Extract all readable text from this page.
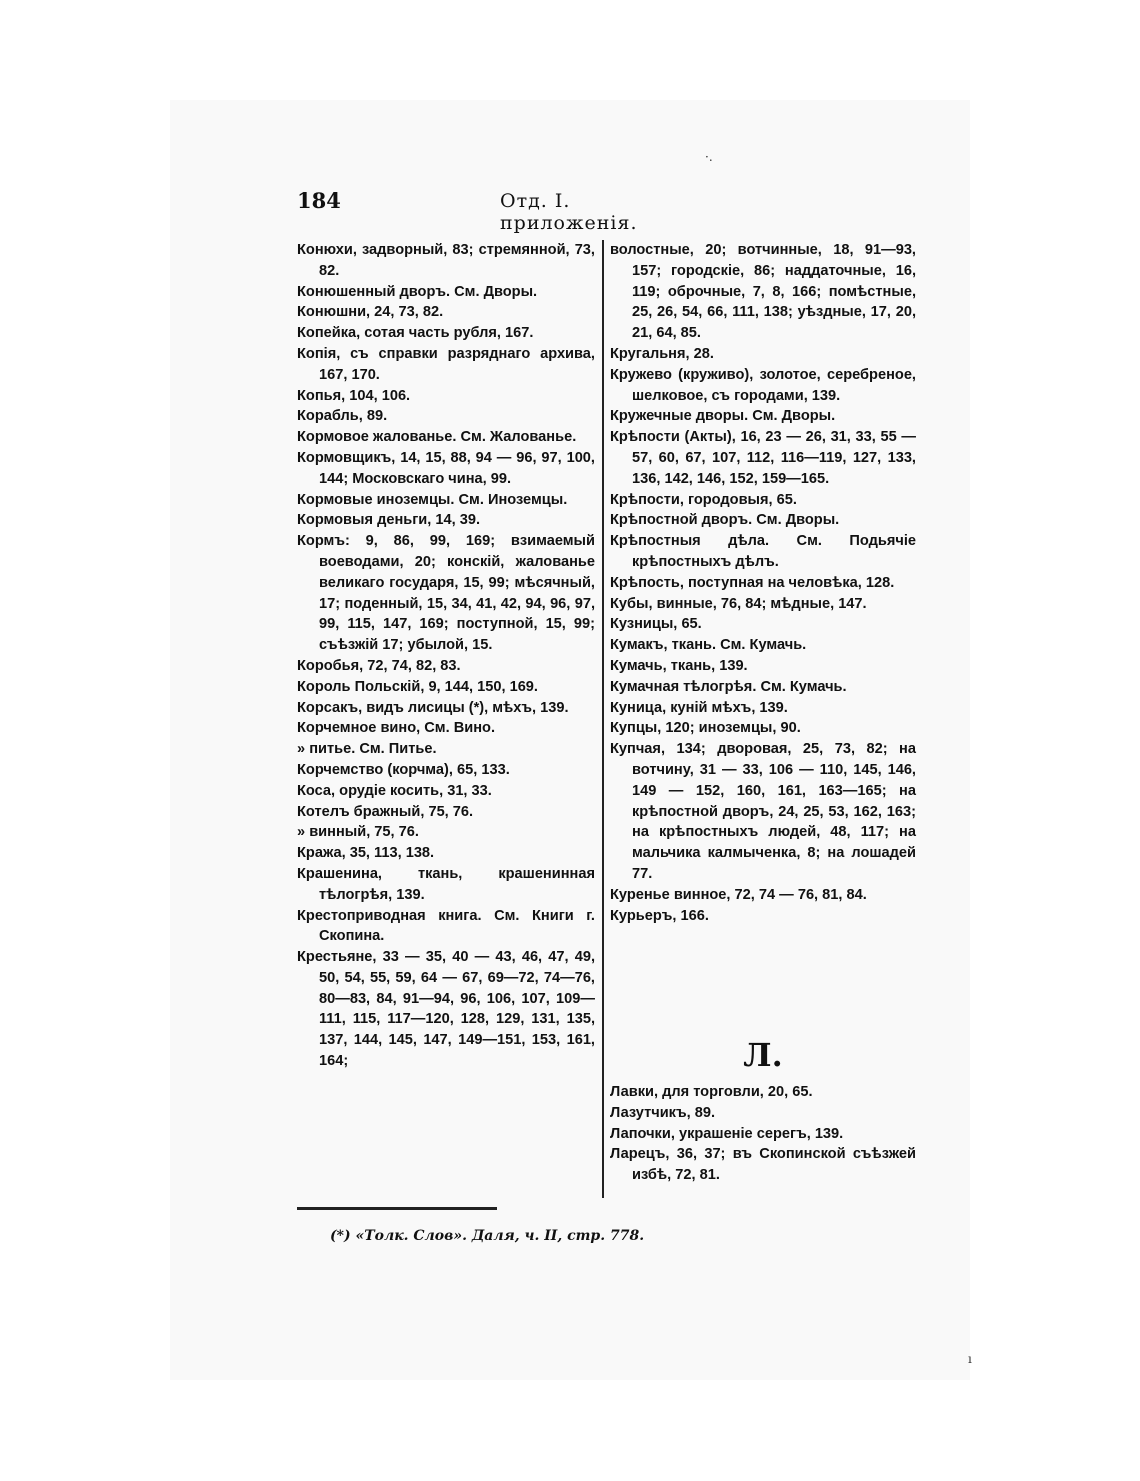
184	Отд. I. приложенія.

Конюхи, задворный, 83; стремянной, 73, 82.

Конюшенный дворъ. См. Дворы.

Конюшни, 24, 73, 82.

Копейка, сотая часть рубля, 167.

Копія, съ справки разряднаго архива, 167, 170.

Копья, 104, 106.

Корабль, 89.

Кормовое жалованье. См. Жалованье.

Кормовщикъ, 14, 15, 88, 94 — 96, 97, 100, 144; Московскаго чина, 99.

Кормовые иноземцы. См. Иноземцы.

Кормовыя деньги, 14, 39.

Кормъ: 9, 86, 99, 169; взимаемый воеводами, 20; конскій, жалованье великаго государя, 15, 99; мѣсячный, 17; поденный, 15, 34, 41, 42, 94, 96, 97, 99, 115, 147, 169; поступной, 15, 99; съѣзжій 17; убылой, 15.

Коробья, 72, 74, 82, 83.

Король Польскій, 9, 144, 150, 169.

Корсакъ, видъ лисицы (*), мѣхъ, 139.

Корчемное вино, См. Вино.

» питье. См. Питье.

Корчемство (корчма), 65, 133.

Коса, орудіе косить, 31, 33.

Котелъ бражный, 75, 76.

» винный, 75, 76.

Кража, 35, 113, 138.

Крашенина, ткань, крашенинная тѣлогрѣя, 139.

Крестоприводная книга. См. Книги г. Скопина.

Крестьяне, 33 — 35, 40 — 43, 46, 47, 49, 50, 54, 55, 59, 64 — 67, 69—72, 74—76, 80—83, 84, 91—94, 96, 106, 107, 109—111, 115, 117—120, 128, 129, 131, 135, 137, 144, 145, 147, 149—151, 153, 161, 164;

волостные, 20; вотчинные, 18, 91—93, 157; городскіе, 86; наддаточные, 16, 119; оброчные, 7, 8, 166; помѣстные, 25, 26, 54, 66, 111, 138; уѣздные, 17, 20, 21, 64, 85.

Кругальня, 28.

Кружево (круживо), золотое, серебреное, шелковое, съ городами, 139.

Кружечные дворы. См. Дворы.

Крѣпости (Акты), 16, 23 — 26, 31, 33, 55 — 57, 60, 67, 107, 112, 116—119, 127, 133, 136, 142, 146, 152, 159—165.

Крѣпости, городовыя, 65.

Крѣпостной дворъ. См. Дворы.

Крѣпостныя дѣла. См. Подьячіе крѣпостныхъ дѣлъ.

Крѣпость, поступная на человѣка, 128.

Кубы, винные, 76, 84; мѣдные, 147.

Кузницы, 65.

Кумакъ, ткань. См. Кумачь.

Кумачь, ткань, 139.

Кумачная тѣлогрѣя. См. Кумачь.

Куница, куній мѣхъ, 139.

Купцы, 120; иноземцы, 90.

Купчая, 134; дворовая, 25, 73, 82; на вотчину, 31 — 33, 106 — 110, 145, 146, 149 — 152, 160, 161, 163—165; на крѣпостной дворъ, 24, 25, 53, 162, 163; на крѣпостныхъ людей, 48, 117; на мальчика калмыченка, 8; на лошадей 77.

Куренье винное, 72, 74 — 76, 81, 84.

Курьеръ, 166.

Л.

Лавки, для торговли, 20, 65.

Лазутчикъ, 89.

Лапочки, украшеніе серегъ, 139.

Ларецъ, 36, 37; въ Скопинской съѣзжей избѣ, 72, 81.

(*) «Толк. Слов». Даля, ч. II, стр. 778.
·.
ı
